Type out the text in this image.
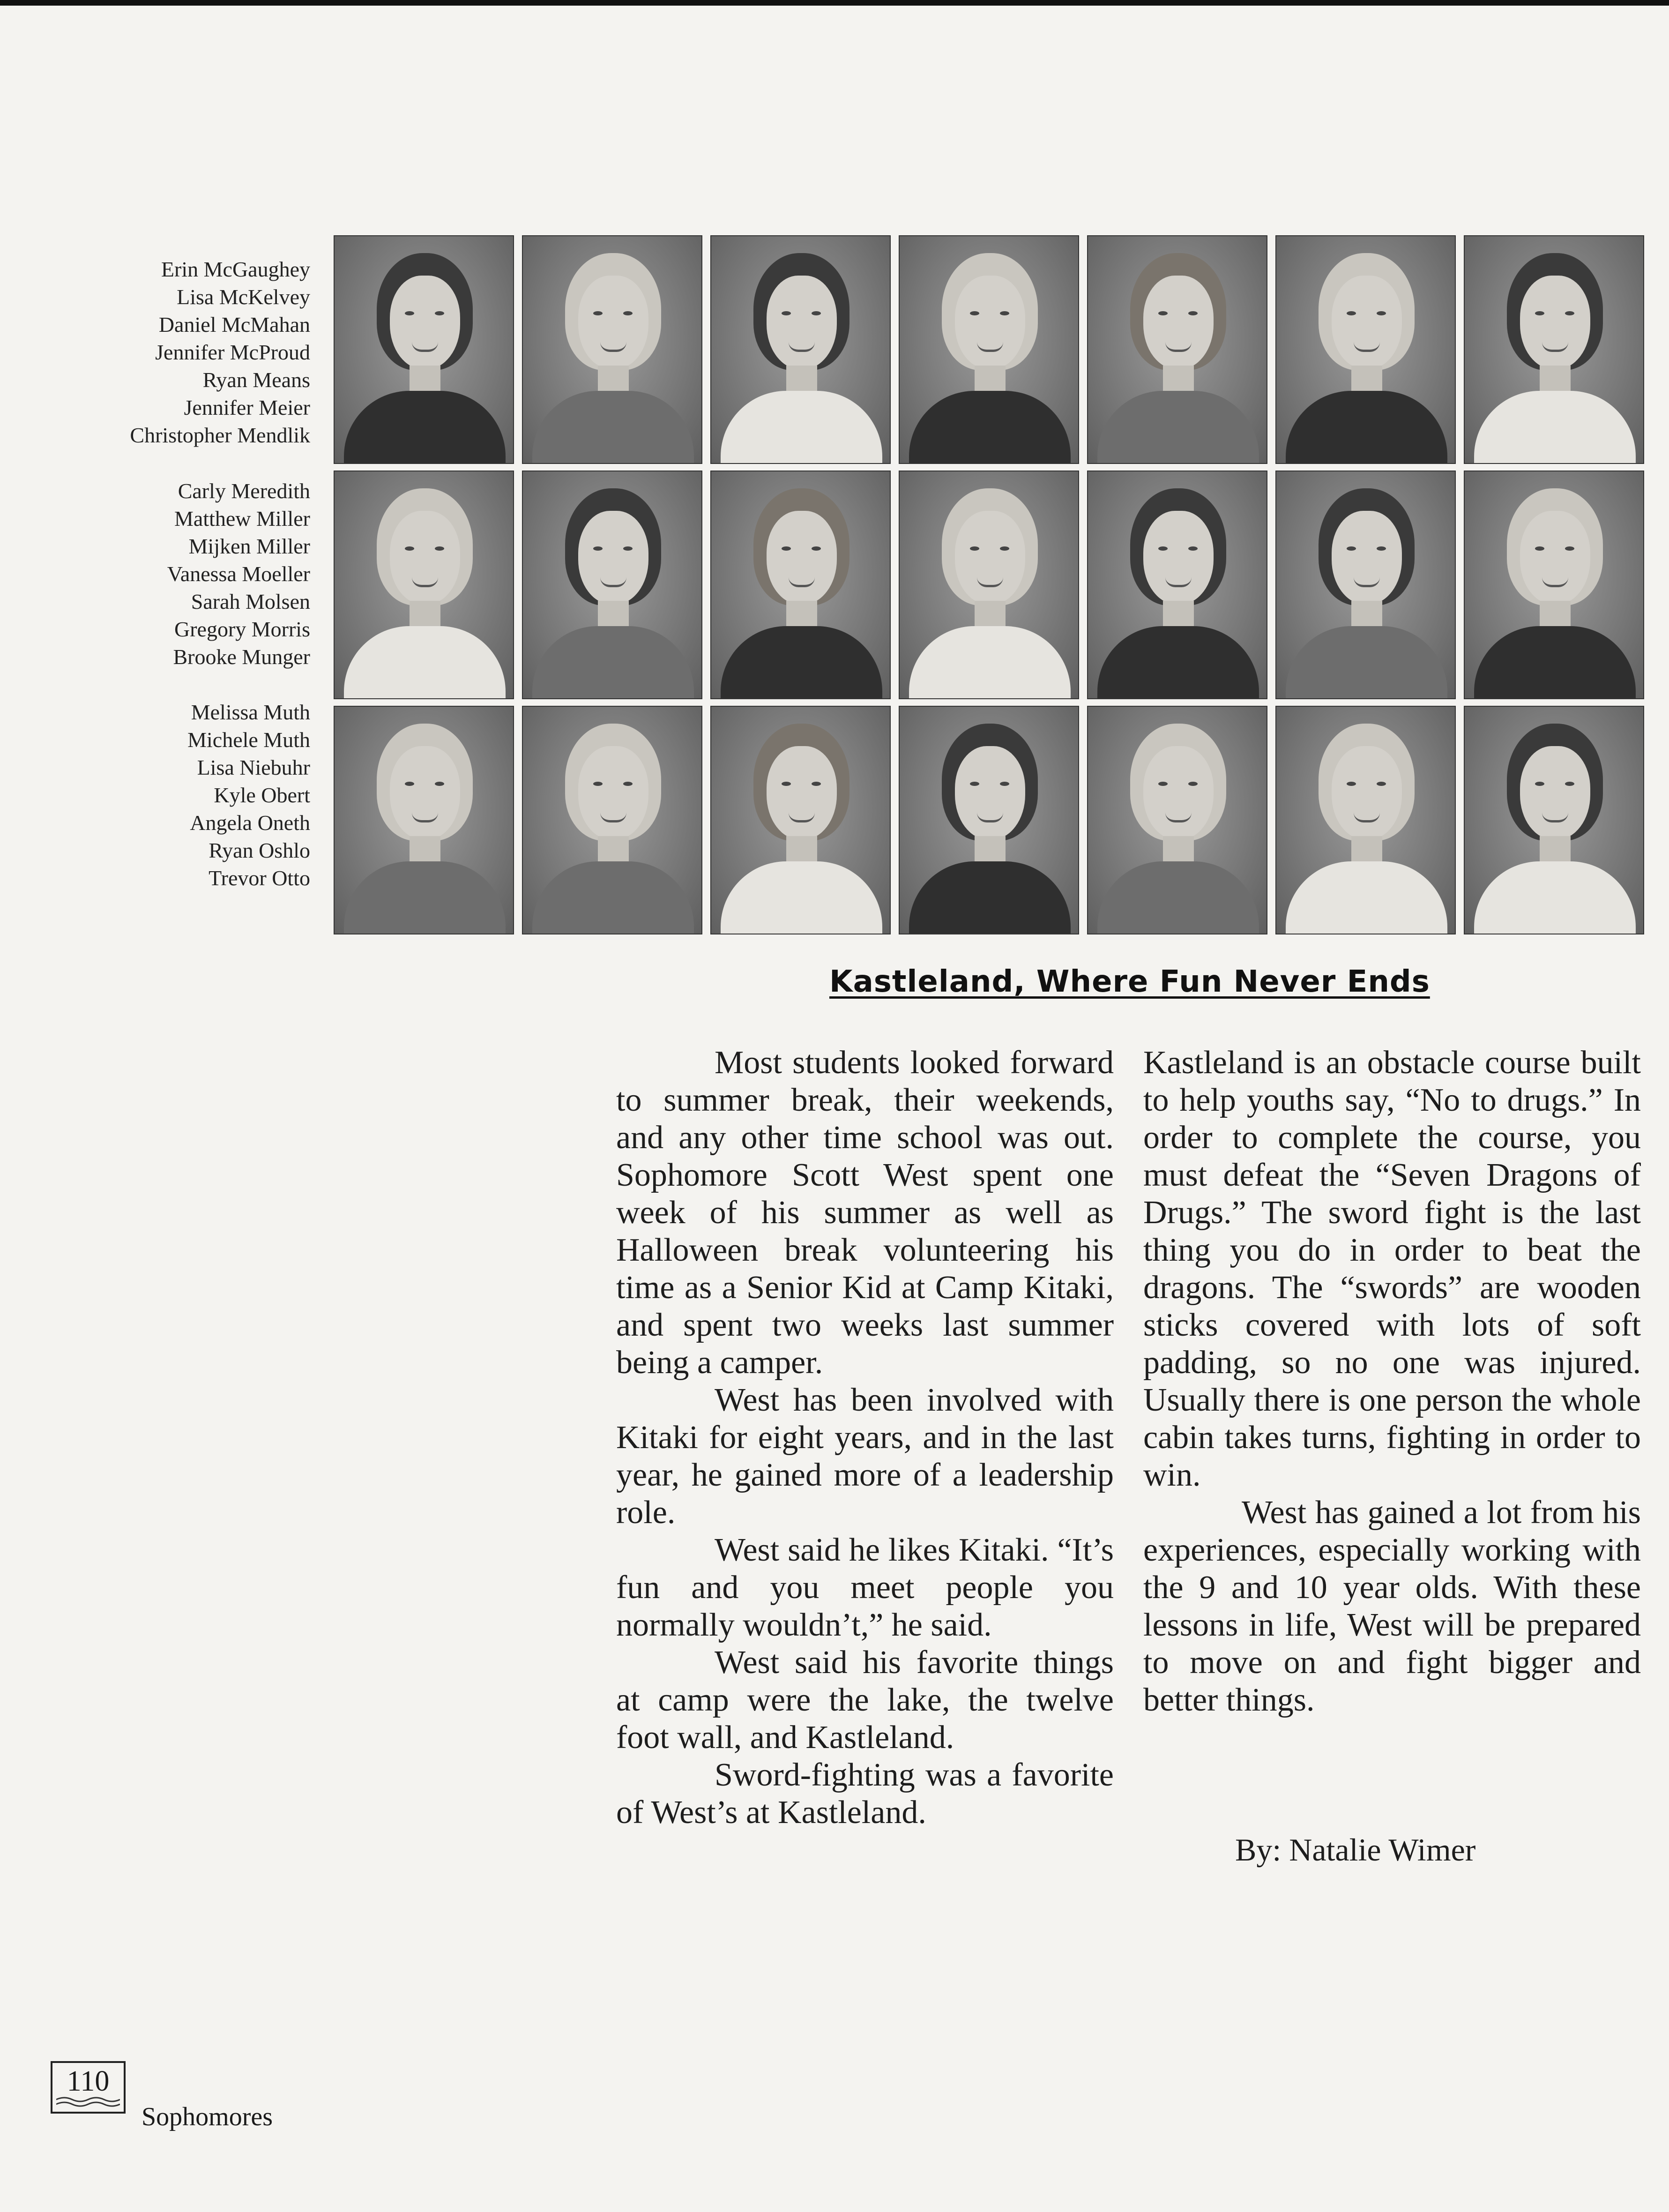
Erin McGaughey
Lisa McKelvey
Daniel McMahan
Jennifer McProud
Ryan Means
Jennifer Meier
Christopher Mendlik
Carly Meredith
Matthew Miller
Mijken Miller
Vanessa Moeller
Sarah Molsen
Gregory Morris
Brooke Munger
Melissa Muth
Michele Muth
Lisa Niebuhr
Kyle Obert
Angela Oneth
Ryan Oshlo
Trevor Otto
Kastleland, Where Fun Never Ends

Most students looked forward to summer break, their weekends, and any other time school was out. Sophomore Scott West spent one week of his summer as well as Halloween break volunteering his time as a Senior Kid at Camp Kitaki, and spent two weeks last summer being a camper.

West has been involved with Kitaki for eight years, and in the last year, he gained more of a leadership role.

West said he likes Kitaki. “It’s fun and you meet people you normally wouldn’t,” he said.

West said his favorite things at camp were the lake, the twelve foot wall, and Kastleland.

Sword-fighting was a favorite of West’s at Kastleland.

Kastleland is an obstacle course built to help youths say, “No to drugs.” In order to complete the course, you must defeat the “Seven Dragons of Drugs.” The sword fight is the last thing you do in order to beat the dragons. The “swords” are wooden sticks covered with lots of soft padding, so no one was injured. Usually there is one person the whole cabin takes turns, fighting in order to win.

West has gained a lot from his experiences, especially working with the 9 and 10 year olds. With these lessons in life, West will be prepared to move on and fight bigger and better things.

By: Natalie Wimer
110
Sophomores
